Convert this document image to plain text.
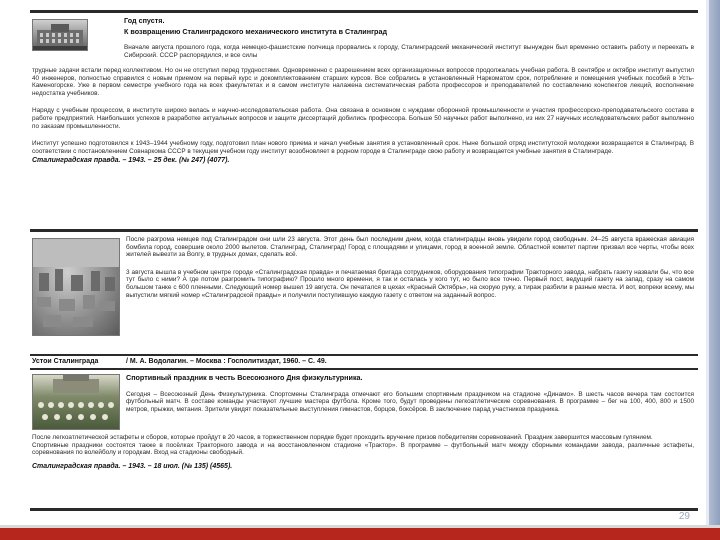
Год спустя.
К возвращению Сталинградского механического института в Сталинград
Вначале августа прошлого года, когда немецко-фашистские полчища прорвались к городу, Сталинградский механический институт вынужден был временно оставить работу и переехать в Сибирский. СССР распорядился, и все силы
трудные задачи встали перед коллективом. Но он не отступил перед трудностями. Одновременно с разрешением всех организационных вопросов продолжалась учебная работа. В сентябре и октябре институт выпустил 40 инженеров, полностью справился с новым приемом на первый курс и докомплектованием старших курсов. Все собрались в установленный Наркоматом срок, потребление и помещения учебных пособий в Усть-Каменогорске. Уже в первом семестре учебного года на всех факультетах и в самом институте налажена систематическая работа профессоров и преподавателей по составлению конспектов лекций, восполнение недостатка учебников.
Наряду с учебным процессом, в институте широко велась и научно-исследовательская работа. Она связана в основном с нуждами оборонной промышленности и участия профессорско-преподавательского состава в работе предприятий. Наибольших успехов в разработке актуальных вопросов и защите диссертаций добились профессора. Больше 50 научных работ выполнено, из них 27 научных исследовательских работ выполнено по заказам промышленности.
Институт успешно подготовился к 1943–1944 учебному году, подготовил план нового приема и начал учебные занятия в установленный срок. Ныне большой отряд институтской молодежи возвращается в Сталинград. В соответствии с постановлением Совнаркома СССР в текущем учебном году институт возобновляет в родном городе в Сталинграде свою работу и возвращается учебные занятия в Сталинграде.
Сталинградская правда. – 1943. – 25 дек. (№ 247) (4077).
После разгрома немцев под Сталинградом они шли 23 августа. Этот день был последним днем, когда сталинградцы вновь увидели город свободным. 24–25 августа вражеская авиация бомбила город, совершив около 2000 вылетов. Сталинград, Сталинград! Город с площадями и улицами, город в военной земле. Областной комитет партии призвал все черты, чтобы всех жителей вывезти за Волгу, в трудных домах, сделать всё.
3 августа вышла в учебном центре городе «Сталинградская правда» и печатаемая бригада сотрудников, оборудования типографии Тракторного завода, набрать газету назвали бы, что все тут было с ними? А где потом разгромить типографию? Прошло много времени, я так и осталась у кого тут, но было все точно. Первый пост, ведущий газету на запад, сразу на самом большом танке с 600 пленными. Следующий номер вышел 19 августа. Он печатался в цехах «Красный Октябрь», на скорую руку, а тираж разбили в разные места. И вот, вопреки всему, мы выпустили мягкий номер «Сталинградской правды» и получили поступившую каждую газету с ответом на заданный вопрос.
Устои Сталинграда	/ М. А. Водолагин. – Москва : Госполитиздат, 1960. – С. 49.
Спортивный праздник в честь Всесоюзного Дня физкультурника.
Сегодня – Всесоюзный День Физкультурника. Спортсмены Сталинграда отмечают его большим спортивным праздником на стадионе «Динамо». В шесть часов вечера там состоится футбольный матч. В составе команды участвуют лучшие мастера футбола. Кроме того, будут проведены легкоатлетические соревнования. В программе – бег на 100, 400, 800 и 1500 метров, прыжки, метания. Зрители увидят показательные выступления гимнастов, борцов, боксёров. В заключение парад участников праздника.
После легкоатлетической эстафеты и сборов, которые пройдут в 20 часов, в торжественном порядке будет проходить вручение призов победителям соревнований. Праздник завершится массовым гулянием.
Спортивные праздники состоятся также в посёлках Тракторного завода и на восстановленном стадионе «Трактор». В программе – футбольный матч между сборными командами завода, различные эстафеты, соревнования по волейболу и городкам. Вход на стадионы свободный.
Сталинградская правда. – 1943. – 18 июл. (№ 135) (4565).
29
